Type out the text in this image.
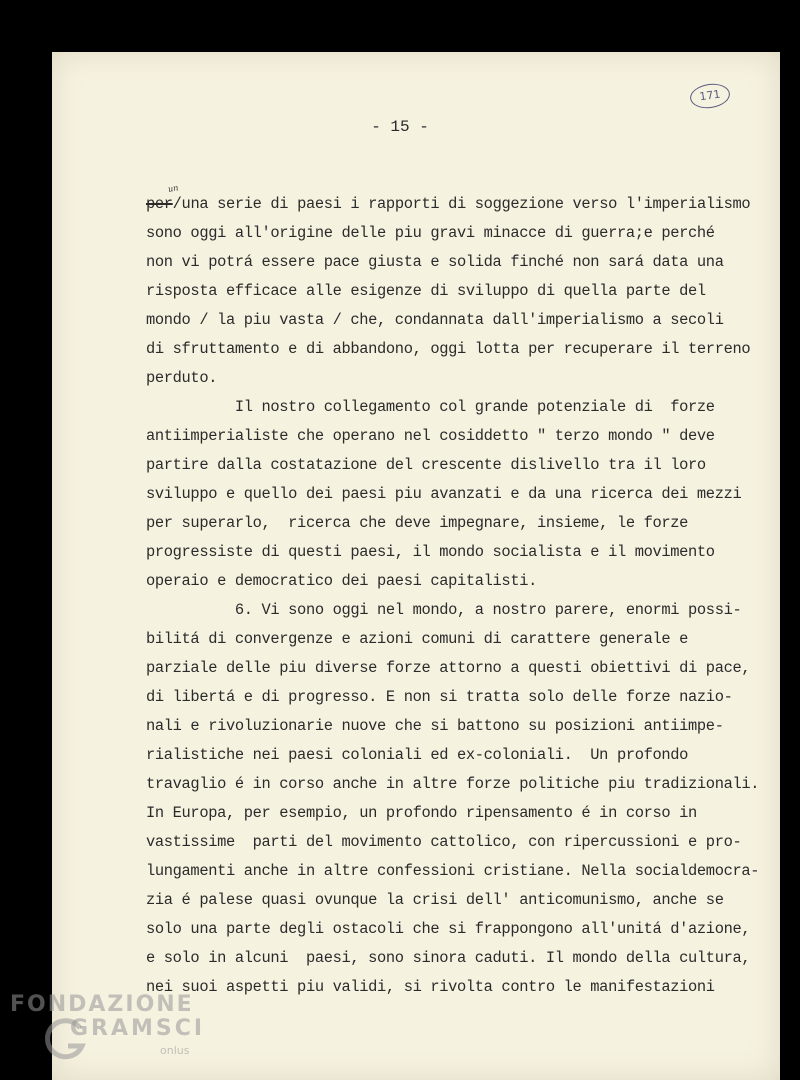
171
- 15 -
un
per/una serie di paesi i rapporti di soggezione verso l'imperialismo
sono oggi all'origine delle piu gravi minacce di guerra;e perché
non vi potrá essere pace giusta e solida finché non sará data una
risposta efficace alle esigenze di sviluppo di quella parte del
mondo / la piu vasta / che, condannata dall'imperialismo a secoli
di sfruttamento e di abbandono, oggi lotta per recuperare il terreno
perduto.
Il nostro collegamento col grande potenziale di  forze
antiimperialiste che operano nel cosiddetto " terzo mondo " deve
partire dalla costatazione del crescente dislivello tra il loro
sviluppo e quello dei paesi piu avanzati e da una ricerca dei mezzi
per superarlo,  ricerca che deve impegnare, insieme, le forze
progressiste di questi paesi, il mondo socialista e il movimento
operaio e democratico dei paesi capitalisti.
6. Vi sono oggi nel mondo, a nostro parere, enormi possi-
bilitá di convergenze e azioni comuni di carattere generale e
parziale delle piu diverse forze attorno a questi obiettivi di pace,
di libertá e di progresso. E non si tratta solo delle forze nazio-
nali e rivoluzionarie nuove che si battono su posizioni antiimpe-
rialistiche nei paesi coloniali ed ex-coloniali.  Un profondo
travaglio é in corso anche in altre forze politiche piu tradizionali.
In Europa, per esempio, un profondo ripensamento é in corso in
vastissime  parti del movimento cattolico, con ripercussioni e pro-
lungamenti anche in altre confessioni cristiane. Nella socialdemocra-
zia é palese quasi ovunque la crisi dell' anticomunismo, anche se
solo una parte degli ostacoli che si frappongono all'unitá d'azione,
e solo in alcuni  paesi, sono sinora caduti. Il mondo della cultura,
nei suoi aspetti piu validi, si rivolta contro le manifestazioni
FONDAZIONE
GRAMSCI
onlus
